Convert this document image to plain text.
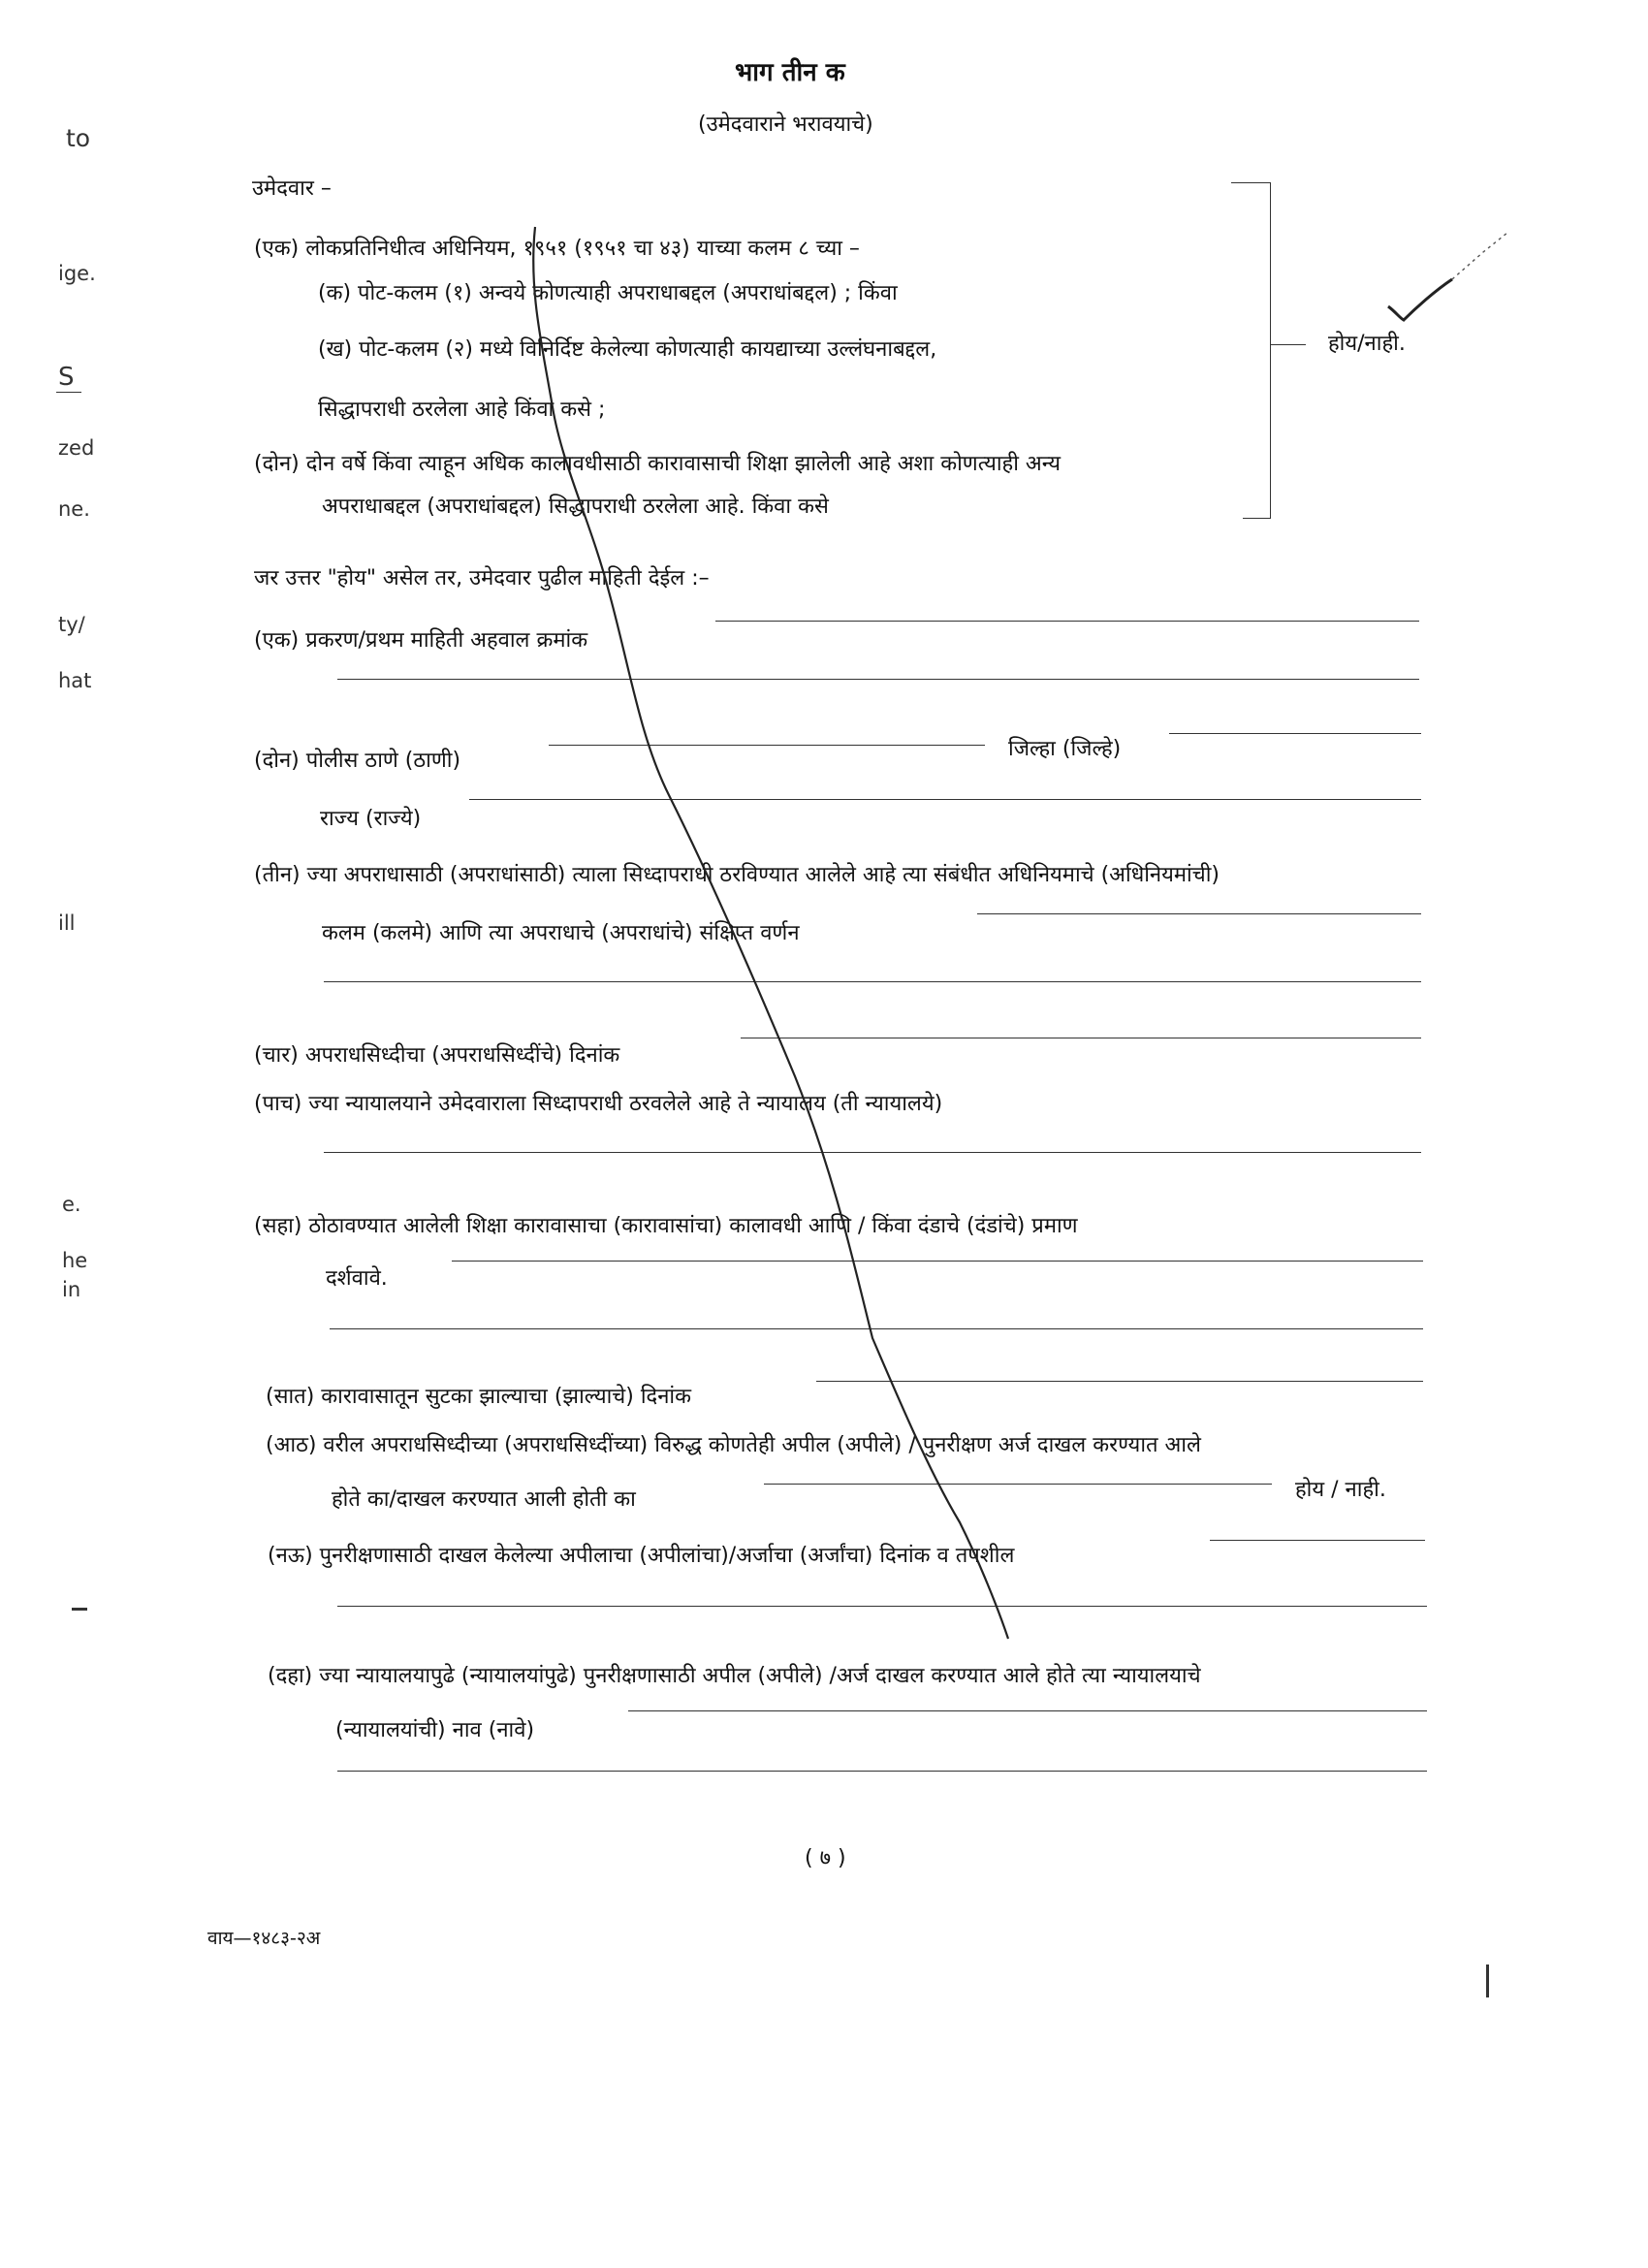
to
ige.
S
zed
ne.
ty/
hat
ill
e.
he
in
भाग तीन क
(उमेदवाराने भरावयाचे)
उमेदवार –
(एक) लोकप्रतिनिधीत्व अधिनियम, १९५१ (१९५१ चा ४३) याच्या कलम ८ च्या –
(क) पोट-कलम (१) अन्वये कोणत्याही अपराधाबद्दल (अपराधांबद्दल) ; किंवा
(ख) पोट-कलम (२) मध्ये विनिर्दिष्ट केलेल्या कोणत्याही कायद्याच्या उल्लंघनाबद्दल,
सिद्धापराधी ठरलेला आहे किंवा कसे ;
(दोन) दोन वर्षे किंवा त्याहून अधिक कालावधीसाठी कारावासाची शिक्षा झालेली आहे अशा कोणत्याही अन्य
अपराधाबद्दल (अपराधांबद्दल) सिद्धापराधी ठरलेला आहे. किंवा कसे
होय/नाही.
जर उत्तर "होय" असेल तर, उमेदवार पुढील माहिती देईल :–
(एक) प्रकरण/प्रथम माहिती अहवाल क्रमांक
(दोन) पोलीस ठाणे (ठाणी)	जिल्हा (जिल्हे)
राज्य (राज्ये)
(तीन) ज्या अपराधासाठी (अपराधांसाठी) त्याला सिध्दापराधी ठरविण्यात आलेले आहे त्या संबंधीत अधिनियमाचे (अधिनियमांची)
कलम (कलमे) आणि त्या अपराधाचे (अपराधांचे) संक्षिप्त वर्णन
(चार) अपराधसिध्दीचा (अपराधसिध्दींचे) दिनांक
(पाच) ज्या न्यायालयाने उमेदवाराला सिध्दापराधी ठरवलेले आहे ते न्यायालय (ती न्यायालये)
(सहा) ठोठावण्यात आलेली शिक्षा कारावासाचा (कारावासांचा) कालावधी आणि / किंवा दंडाचे (दंडांचे) प्रमाण
दर्शवावे.
(सात) कारावासातून सुटका झाल्याचा (झाल्याचे) दिनांक
(आठ) वरील अपराधसिध्दीच्या (अपराधसिध्दींच्या) विरुद्ध कोणतेही अपील (अपीले) / पुनरीक्षण अर्ज दाखल करण्यात आले
होते का/दाखल करण्यात आली होती का	होय / नाही.
(नऊ) पुनरीक्षणासाठी दाखल केलेल्या अपीलाचा (अपीलांचा)/अर्जाचा (अर्जांचा) दिनांक व तपशील
(दहा) ज्या न्यायालयापुढे (न्यायालयांपुढे) पुनरीक्षणासाठी अपील (अपीले) /अर्ज दाखल करण्यात आले होते त्या न्यायालयाचे
(न्यायालयांची) नाव (नावे)
( ७ )
वाय—१४८३-२अ
